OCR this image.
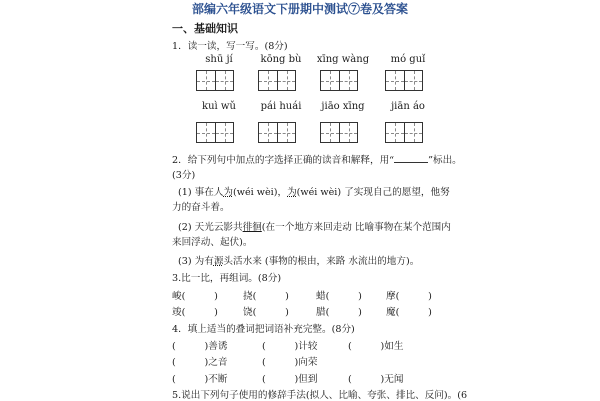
部编六年级语文下册期中测试⑦卷及答案
一、基础知识
1．读一读，写一写。(8分)
shū jí	kōng bù	xīng wàng	mó guǐ
kuì wǔ	pái huái	jiāo xīng	jiān áo
2．给下列句中加点的字选择正确的读音和解释，用“	”标出。
(3分)
(1) 事在人为(wéi wèi)，为(wéi wèi) 了实现自己的愿望，他努
力的奋斗着。
(2) 天光云影共徘徊(在一个地方来回走动 比喻事物在某个范围内
来回浮动、起伏)。
(3) 为有源头活水来 (事物的根由，来路 水流出的地方)。
3.比一比，再组词。(8分)
峻(　　　)	挠(　　　)	蜡(　　　)	摩(　　　)
竣(　　　)	饶(　　　)	腊(　　　)	魔(　　　)
4．填上适当的叠词把词语补充完整。(8分)
(　　　)善诱	(　　　)计较	(　　　)如生
(　　　)之音	(　　　)向荣
(　　　)不断	(　　　)但到	(　　　)无闻
5.说出下列句子使用的修辞手法(拟人、比喻、夸张、排比、反问)。(6
